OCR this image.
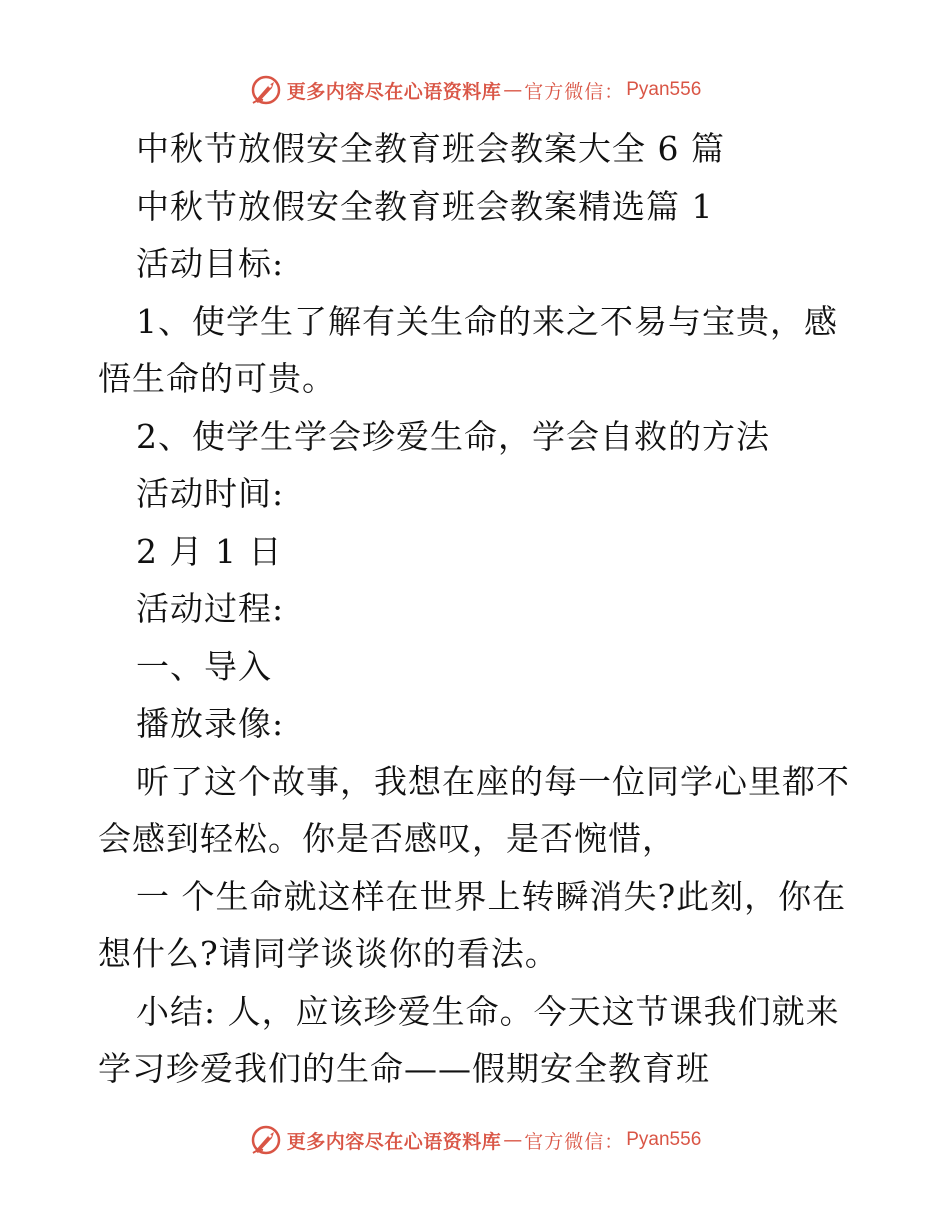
更多内容尽在心语资料库 — 官方微信： Pyan556
中秋节放假安全教育班会教案大全 6 篇
中秋节放假安全教育班会教案精选篇 1
活动目标:
1、使学生了解有关生命的来之不易与宝贵，感
悟生命的可贵。
2、使学生学会珍爱生命，学会自救的方法
活动时间:
2 月 1 日
活动过程:
一、导入
播放录像:
听了这个故事，我想在座的每一位同学心里都不
会感到轻松。你是否感叹，是否惋惜，
一 个生命就这样在世界上转瞬消失?此刻，你在
想什么?请同学谈谈你的看法。
小结: 人，应该珍爱生命。今天这节课我们就来
学习珍爱我们的生命——假期安全教育班
更多内容尽在心语资料库 — 官方微信： Pyan556
